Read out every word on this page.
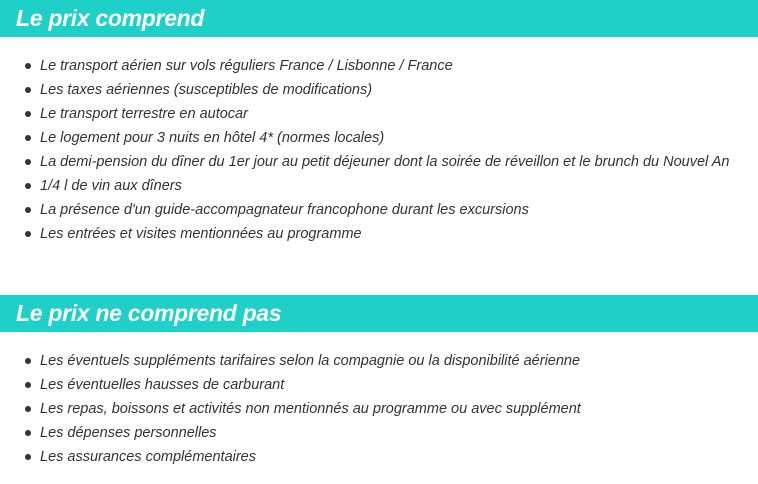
Le prix comprend
Le transport aérien sur vols réguliers France / Lisbonne / France
Les taxes aériennes (susceptibles de modifications)
Le transport terrestre en autocar
Le logement pour 3 nuits en hôtel 4* (normes locales)
La demi-pension du dîner du 1er jour au petit déjeuner dont la soirée de réveillon et le brunch du Nouvel An
1/4 l de vin aux dîners
La présence d'un guide-accompagnateur francophone durant les excursions
Les entrées et visites mentionnées au programme
Le prix ne comprend pas
Les éventuels suppléments tarifaires selon la compagnie ou la disponibilité aérienne
Les éventuelles hausses de carburant
Les repas, boissons et activités non mentionnés au programme ou avec supplément
Les dépenses personnelles
Les assurances complémentaires
